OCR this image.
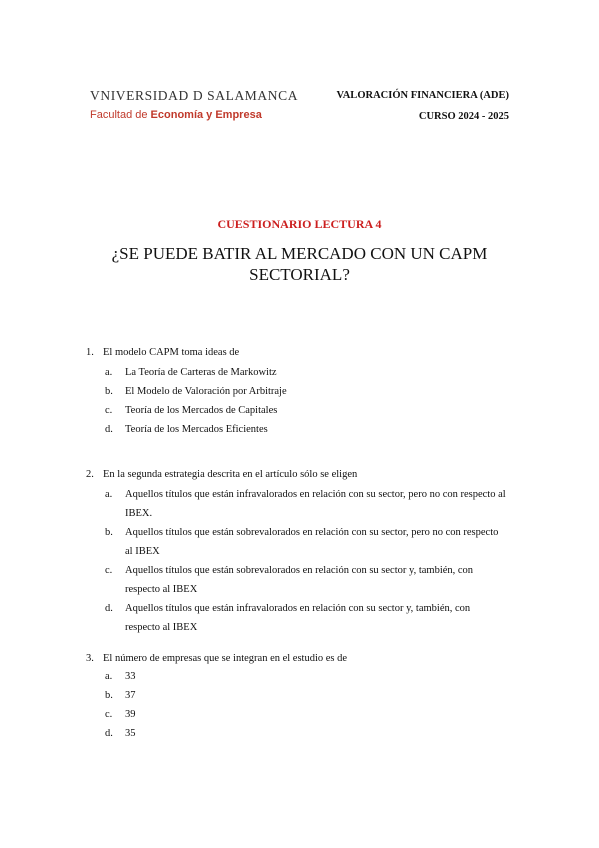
VNIVERSIDAD D SALAMANCA
Facultad de Economía y Empresa
VALORACIÓN FINANCIERA (ADE)
CURSO 2024 - 2025
CUESTIONARIO LECTURA 4
¿SE PUEDE BATIR AL MERCADO CON UN CAPM SECTORIAL?
1. El modelo CAPM toma ideas de
a.	La Teoría de Carteras de Markowitz
b.	El Modelo de Valoración por Arbitraje
c.	Teoría de los Mercados de Capitales
d.	Teoría de los Mercados Eficientes
2. En la segunda estrategia descrita en el artículo sólo se eligen
a.	Aquellos títulos que están infravalorados en relación con su sector, pero no con respecto al IBEX.
b.	Aquellos títulos que están sobrevalorados en relación con su sector, pero no con respecto al IBEX
c.	Aquellos títulos que están sobrevalorados en relación con su sector y, también, con respecto al IBEX
d.	Aquellos títulos que están infravalorados en relación con su sector y, también, con respecto al IBEX
3. El número de empresas que se integran en el estudio es de
a.	33
b.	37
c.	39
d.	35
